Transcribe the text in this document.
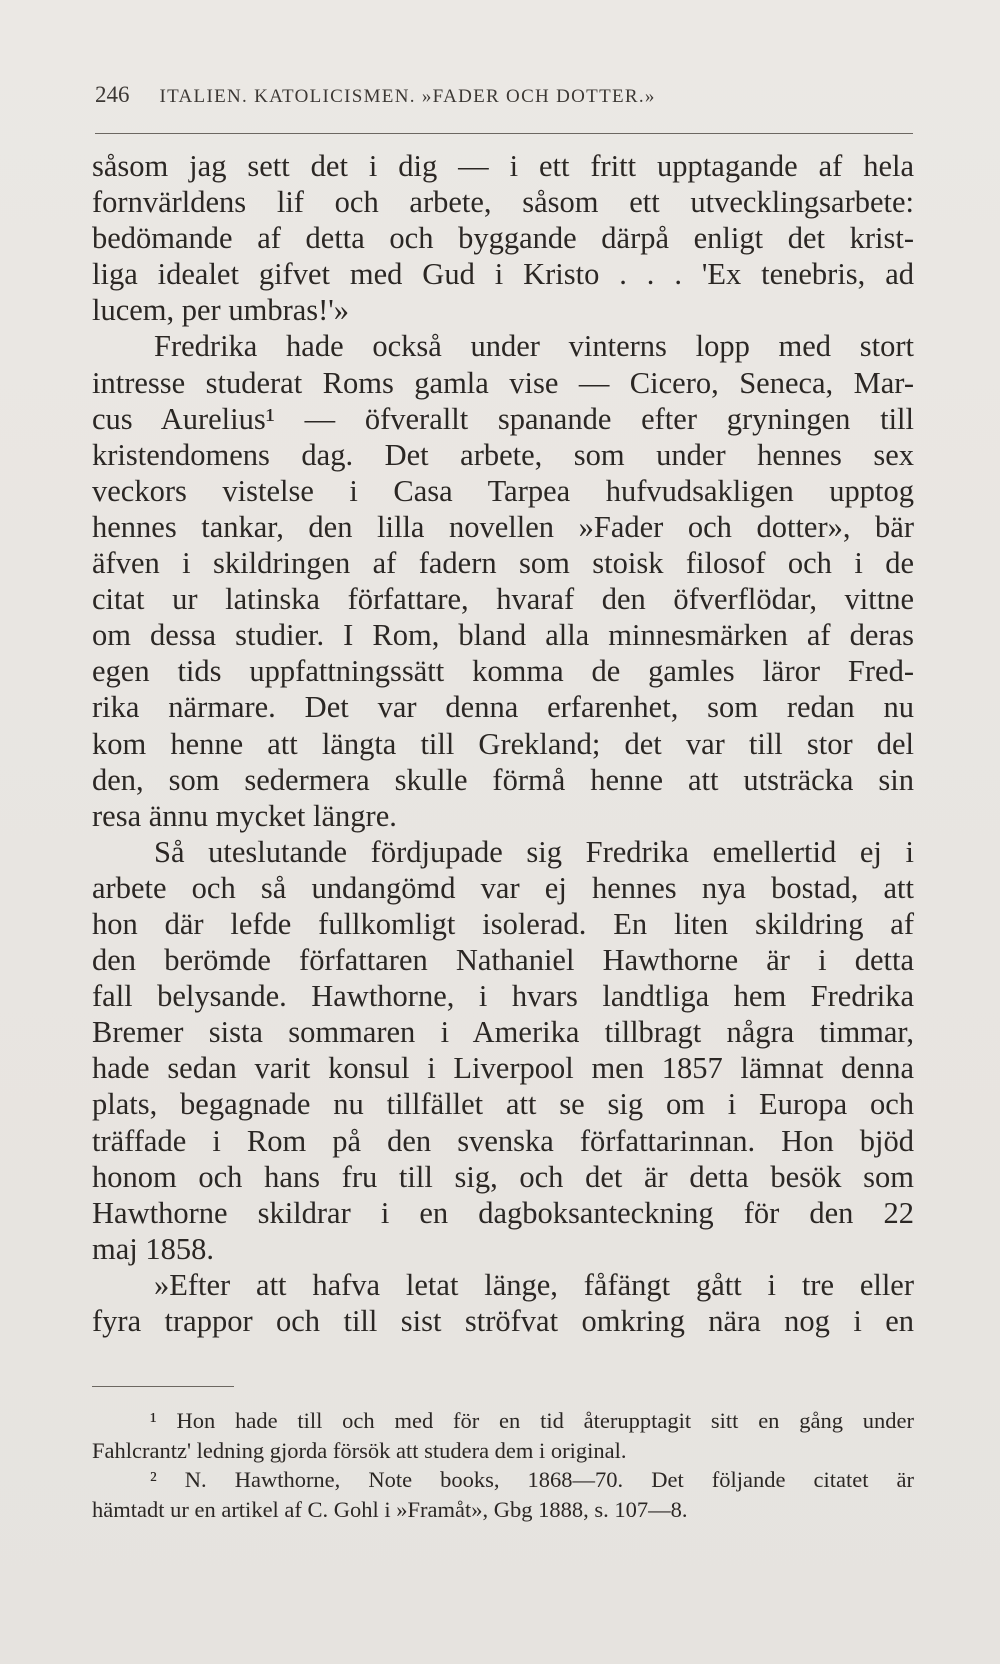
246 ITALIEN. KATOLICISMEN. »FADER OCH DOTTER.»
såsom jag sett det i dig — i ett fritt upptagande af hela
fornvärldens lif och arbete, såsom ett utvecklingsarbete:
bedömande af detta och byggande därpå enligt det krist-
liga idealet gifvet med Gud i Kristo . . . 'Ex tenebris, ad
lucem, per umbras!'»
Fredrika hade också under vinterns lopp med stort
intresse studerat Roms gamla vise — Cicero, Seneca, Mar-
cus Aurelius¹ — öfverallt spanande efter gryningen till
kristendomens dag. Det arbete, som under hennes sex
veckors vistelse i Casa Tarpea hufvudsakligen upptog
hennes tankar, den lilla novellen »Fader och dotter», bär
äfven i skildringen af fadern som stoisk filosof och i de
citat ur latinska författare, hvaraf den öfverflödar, vittne
om dessa studier. I Rom, bland alla minnesmärken af deras
egen tids uppfattningssätt komma de gamles läror Fred-
rika närmare. Det var denna erfarenhet, som redan nu
kom henne att längta till Grekland; det var till stor del
den, som sedermera skulle förmå henne att utsträcka sin
resa ännu mycket längre.
Så uteslutande fördjupade sig Fredrika emellertid ej i
arbete och så undangömd var ej hennes nya bostad, att
hon där lefde fullkomligt isolerad. En liten skildring af
den berömde författaren Nathaniel Hawthorne är i detta
fall belysande. Hawthorne, i hvars landtliga hem Fredrika
Bremer sista sommaren i Amerika tillbragt några timmar,
hade sedan varit konsul i Liverpool men 1857 lämnat denna
plats, begagnade nu tillfället att se sig om i Europa och
träffade i Rom på den svenska författarinnan. Hon bjöd
honom och hans fru till sig, och det är detta besök som
Hawthorne skildrar i en dagboksanteckning för den 22
maj 1858.
»Efter att hafva letat länge, fåfängt gått i tre eller
fyra trappor och till sist ströfvat omkring nära nog i en
¹ Hon hade till och med för en tid återupptagit sitt en gång under
Fahlcrantz' ledning gjorda försök att studera dem i original.
² N. Hawthorne, Note books, 1868—70. Det följande citatet är
hämtadt ur en artikel af C. Gohl i »Framåt», Gbg 1888, s. 107—8.
